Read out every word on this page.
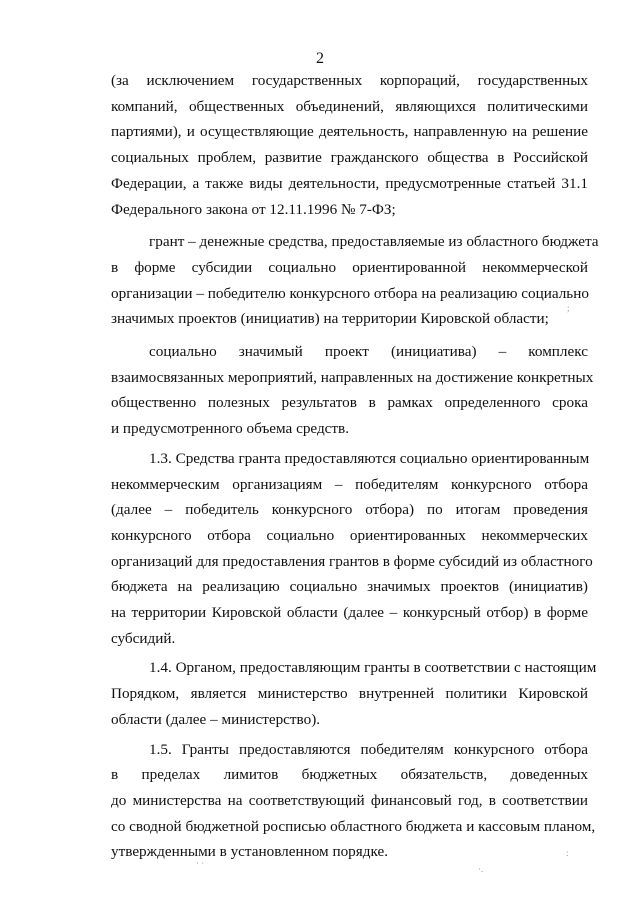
2
(за исключением государственных корпораций, государственных
компаний, общественных объединений, являющихся политическими
партиями), и осуществляющие деятельность, направленную на решение
социальных проблем, развитие гражданского общества в Российской
Федерации, а также виды деятельности, предусмотренные статьей 31.1
Федерального закона от 12.11.1996 № 7-ФЗ;
грант – денежные средства, предоставляемые из областного бюджета
в форме субсидии социально ориентированной некоммерческой
организации – победителю конкурсного отбора на реализацию социально
значимых проектов (инициатив) на территории Кировской области;
социально значимый проект (инициатива) – комплекс
взаимосвязанных мероприятий, направленных на достижение конкретных
общественно полезных результатов в рамках определенного срока
и предусмотренного объема средств.
1.3. Средства гранта предоставляются социально ориентированным
некоммерческим организациям – победителям конкурсного отбора
(далее – победитель конкурсного отбора) по итогам проведения
конкурсного отбора социально ориентированных некоммерческих
организаций для предоставления грантов в форме субсидий из областного
бюджета на реализацию социально значимых проектов (инициатив)
на территории Кировской области (далее – конкурсный отбор) в форме
субсидий.
1.4. Органом, предоставляющим гранты в соответствии с настоящим
Порядком, является министерство внутренней политики Кировской
области (далее – министерство).
1.5. Гранты предоставляются победителям конкурсного отбора
в пределах лимитов бюджетных обязательств, доведенных
до министерства на соответствующий финансовый год, в соответствии
со сводной бюджетной росписью областного бюджета и кассовым планом,
утвержденными в установленном порядке.
;
· ·
·.
:
